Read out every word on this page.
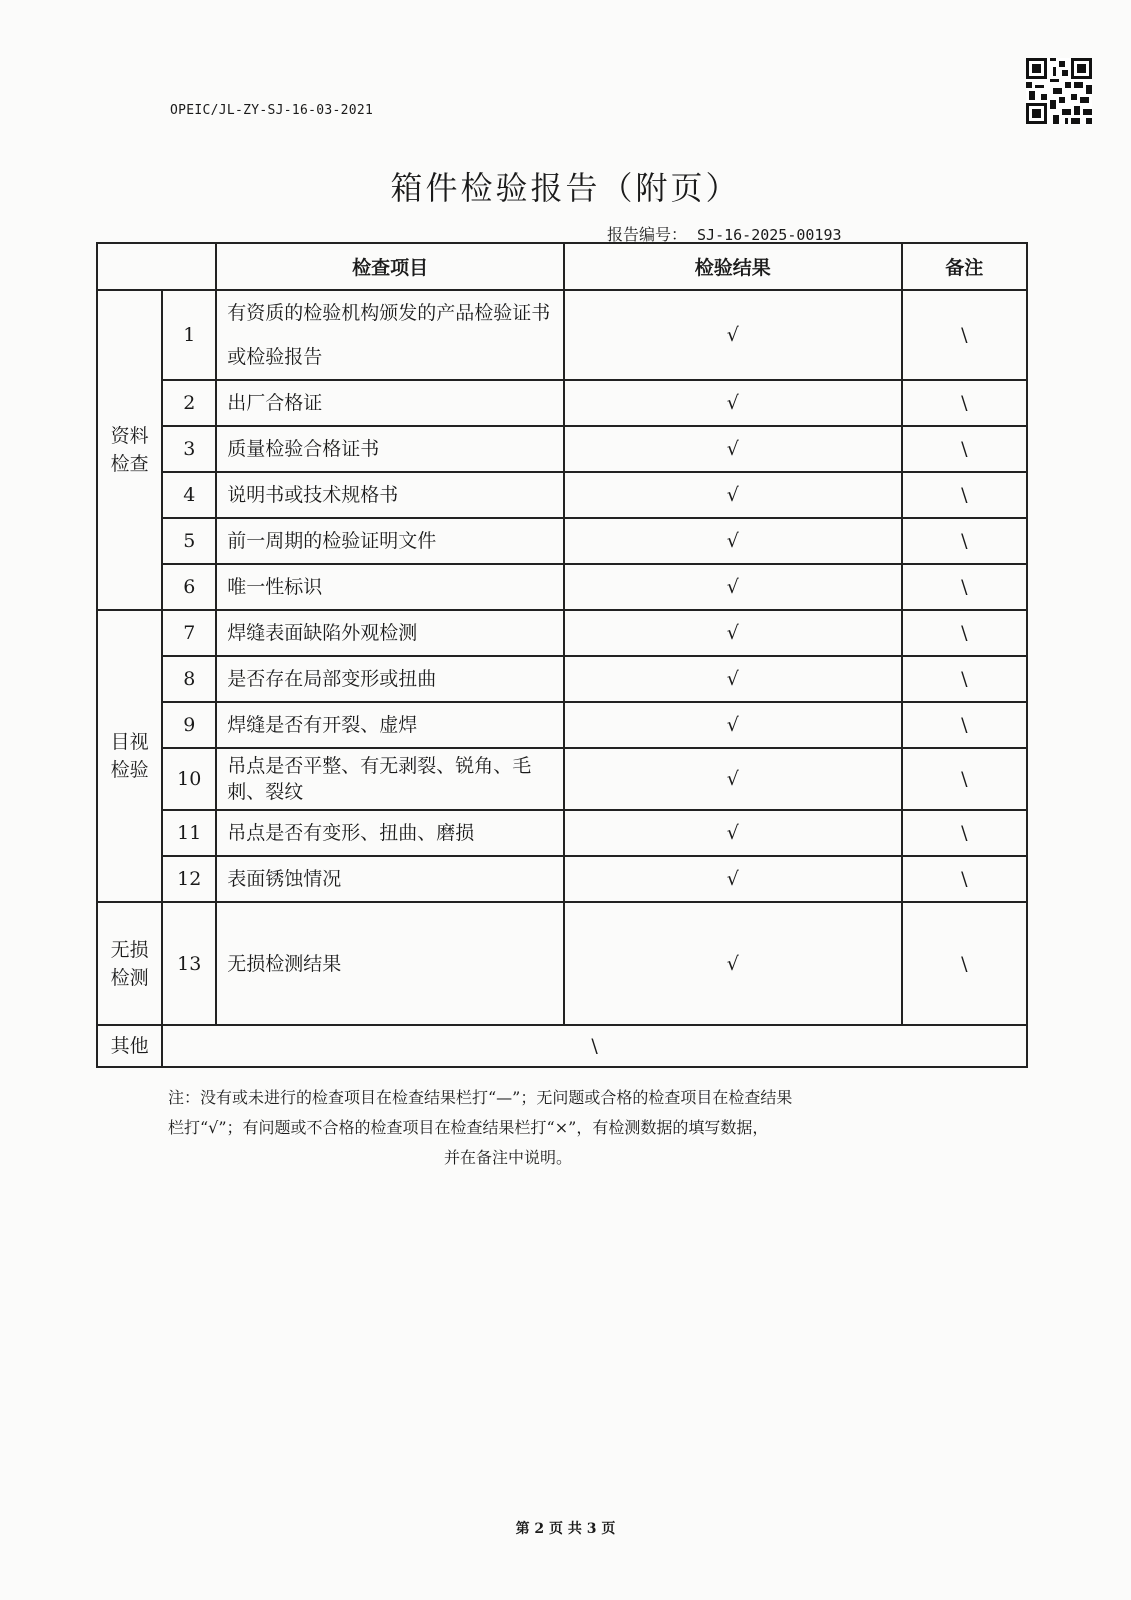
OPEIC/JL-ZY-SJ-16-03-2021
箱件检验报告（附页）
报告编号： SJ-16-2025-00193
		检查项目	检验结果	备注
资料
检查	1	有资质的检验机构颁发的产品检验证书或检验报告	√	\
	2	出厂合格证	√	\
	3	质量检验合格证书	√	\
	4	说明书或技术规格书	√	\
	5	前一周期的检验证明文件	√	\
	6	唯一性标识	√	\
目视
检验	7	焊缝表面缺陷外观检测	√	\
	8	是否存在局部变形或扭曲	√	\
	9	焊缝是否有开裂、虚焊	√	\
	10	吊点是否平整、有无剥裂、锐角、毛刺、裂纹	√	\
	11	吊点是否有变形、扭曲、磨损	√	\
	12	表面锈蚀情况	√	\
无损
检测	13	无损检测结果	√	\
其他	\			
注：没有或未进行的检查项目在检查结果栏打“—”；无问题或合格的检查项目在检查结果
栏打“√”；有问题或不合格的检查项目在检查结果栏打“×”，有检测数据的填写数据，

并在备注中说明。
第 2 页 共 3 页
